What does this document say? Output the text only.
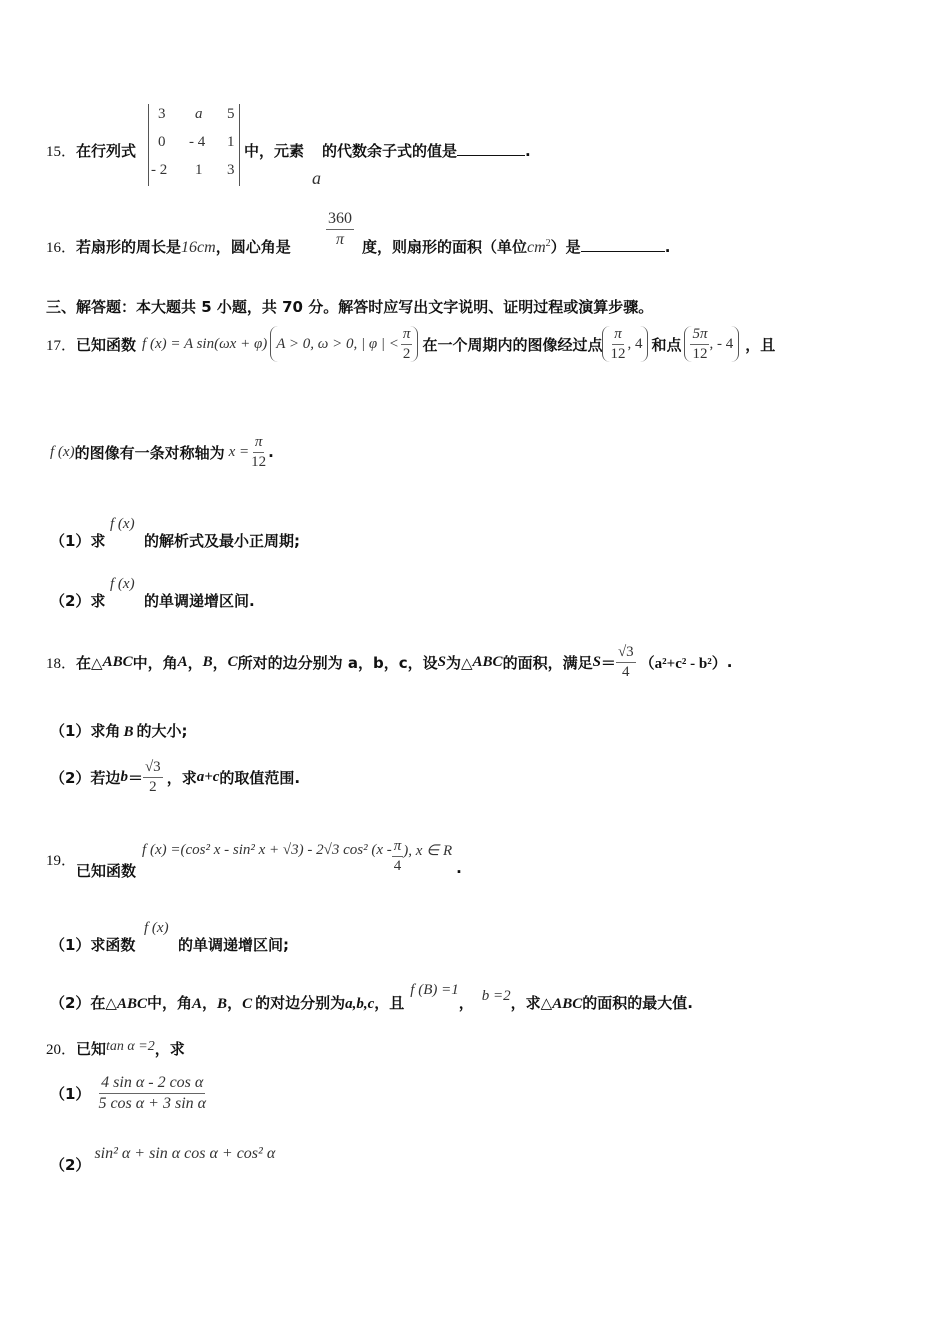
15．在行列式
3 a 5
0 - 4 1
- 2 1 3
中，元素 的代数余子式的值是	.
a
16．若扇形的周长是16cm，圆心角是 $\frac{360}{\pi}$ 度，则扇形的面积（单位$cm^2$）是	.
三、解答题：本大题共 5 小题，共 70 分。解答时应写出文字说明、证明过程或演算步骤。
17． 已知函数 f (x) = A sin(ωx + φ) A > 0, ω > 0, | φ | < $\frac{\pi}{2}$ 在一个周期内的图像经过点 $\frac{\pi}{12}$ , 4 和点 $\frac{5\pi}{12}$ , - 4 ，且
f (x) 的图像有一条对称轴为 $x = \frac{\pi}{12}$ .
（1）求
f (x)
的解析式及最小正周期;
（2）求
f (x)
的单调递增区间.
18． 在△ ABC 中，角 A ， B ， C 所对的边分别为 a，b，c，设 S 为△ ABC 的面积，满足 $S = \frac{√3}{4} (a^2+c^2 - b^2)$ .
（1）求角 B 的大小;
（2）若边 $b = \frac{√3}{2}$ ，求 a+c 的取值范围.
19．
已知函数
f (x) =(cos² x - sin² x + √3) - 2√3 cos² ($x - \frac{\pi}{4}$ ), x ∈ R
.
（1）求函数
f (x)
的单调递增区间;
（2）在△ ABC 中，角 A ， B ， C 的对边分别为 a,b,c ，且
f (B) =1
， b =2 ，求△ ABC 的面积的最大值.
20． 已知 tan α =2 ，求
$(1) \frac{\text{4 sin α - 2 cos α}}{\text{5 cos α + 3 sin α}}$
（2）
sin² α + sin α cos α + cos² α
